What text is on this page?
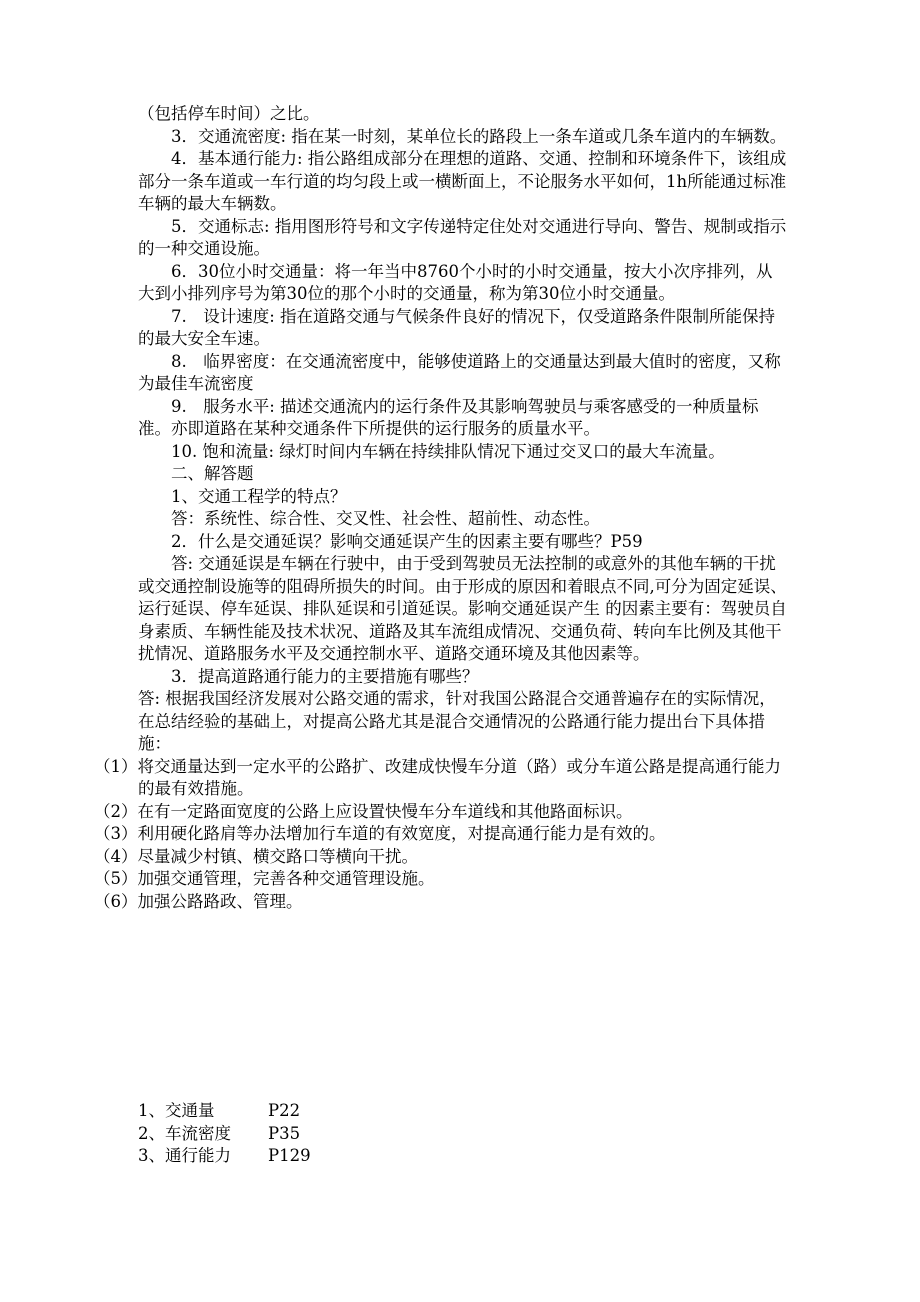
（包括停车时间）之比。

3．交通流密度: 指在某一时刻，某单位长的路段上一条车道或几条车道内的车辆数。

4．基本通行能力: 指公路组成部分在理想的道路、交通、控制和环境条件下，该组成部分一条车道或一车行道的均匀段上或一横断面上，不论服务水平如何，1h所能通过标准车辆的最大车辆数。

5．交通标志: 指用图形符号和文字传递特定住处对交通进行导向、警告、规制或指示的一种交通设施。

6．30位小时交通量：将一年当中8760个小时的小时交通量，按大小次序排列，从大到小排列序号为第30位的那个小时的交通量，称为第30位小时交通量。

7.　设计速度: 指在道路交通与气候条件良好的情况下，仅受道路条件限制所能保持的最大安全车速。

8.　临界密度：在交通流密度中，能够使道路上的交通量达到最大值时的密度，又称为最佳车流密度

9.　服务水平: 描述交通流内的运行条件及其影响驾驶员与乘客感受的一种质量标准。亦即道路在某种交通条件下所提供的运行服务的质量水平。

10. 饱和流量: 绿灯时间内车辆在持续排队情况下通过交叉口的最大车流量。

二、解答题

1、交通工程学的特点？

答：系统性、综合性、交叉性、社会性、超前性、动态性。

2．什么是交通延误？影响交通延误产生的因素主要有哪些？P59

答: 交通延误是车辆在行驶中，由于受到驾驶员无法控制的或意外的其他车辆的干扰或交通控制设施等的阻碍所损失的时间。由于形成的原因和着眼点不同,可分为固定延误、运行延误、停车延误、排队延误和引道延误。影响交通延误产生 的因素主要有：驾驶员自身素质、车辆性能及技术状况、道路及其车流组成情况、交通负荷、转向车比例及其他干扰情况、道路服务水平及交通控制水平、道路交通环境及其他因素等。

3．提高道路通行能力的主要措施有哪些？

答: 根据我国经济发展对公路交通的需求，针对我国公路混合交通普遍存在的实际情况，在总结经验的基础上，对提高公路尤其是混合交通情况的公路通行能力提出台下具体措施：

（1）将交通量达到一定水平的公路扩、改建成快慢车分道（路）或分车道公路是提高通行能力的最有效措施。

（2）在有一定路面宽度的公路上应设置快慢车分车道线和其他路面标识。

（3）利用硬化路肩等办法增加行车道的有效宽度，对提高通行能力是有效的。

（4）尽量减少村镇、横交路口等横向干扰。

（5）加强交通管理，完善各种交通管理设施。

（6）加强公路路政、管理。

1、交通量	P22
2、车流密度	P35
3、通行能力	P129
